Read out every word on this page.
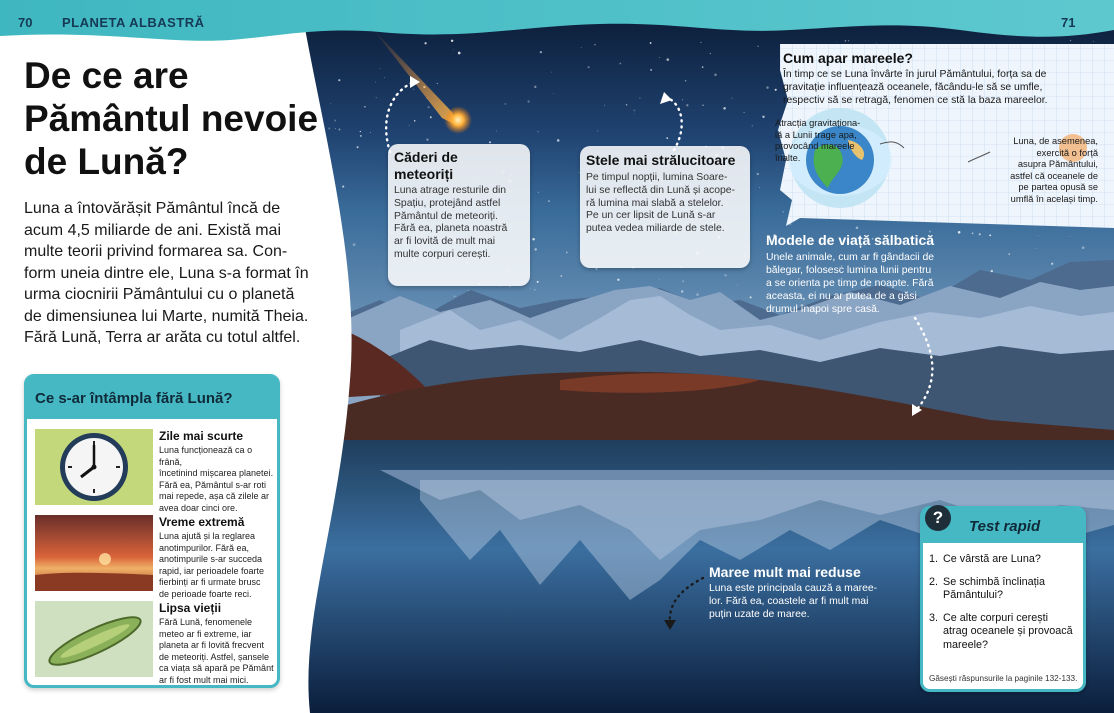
70 PLANETA ALBASTRĂ	71
De ce are
Pământul nevoie
de Lună?
Luna a întovărășit Pământul încă de
acum 4,5 miliarde de ani. Există mai
multe teorii privind formarea sa. Con-
form uneia dintre ele, Luna s-a format în
urma ciocnirii Pământului cu o planetă
de dimensiunea lui Marte, numită Theia.
Fără Lună, Terra ar arăta cu totul altfel.
Ce s-ar întâmpla fără Lună?
Zile mai scurte
Luna funcționează ca o frână,
încetinind mișcarea planetei.
Fără ea, Pământul s-ar roti
mai repede, așa că zilele ar
avea doar cinci ore.
Vreme extremă
Luna ajută și la reglarea
anotimpurilor. Fără ea,
anotimpurile s-ar succeda
rapid, iar perioadele foarte
fierbinți ar fi urmate brusc
de perioade foarte reci.
Lipsa vieții
Fără Lună, fenomenele
meteo ar fi extreme, iar
planeta ar fi lovită frecvent
de meteoriți. Astfel, șansele
ca viața să apară pe Pământ
ar fi fost mult mai mici.
Căderi de
meteoriți
Luna atrage resturile din
Spațiu, protejând astfel
Pământul de meteoriți.
Fără ea, planeta noastră
ar fi lovită de mult mai
multe corpuri cerești.
Stele mai strălucitoare
Pe timpul nopții, lumina Soare-
lui se reflectă din Lună și acope-
ră lumina mai slabă a stelelor.
Pe un cer lipsit de Lună s-ar
putea vedea miliarde de stele.
Cum apar mareele?
În timp ce se Luna învârte în jurul Pământului, forța sa de
gravitație influențează oceanele, făcându-le să se umfle,
respectiv să se retragă, fenomen ce stă la baza mareelor.
Atracția gravitaționa-
lă a Lunii trage apa,
provocând mareele
înalte.
Luna, de asemenea,
exercită o forță
asupra Pământului,
astfel că oceanele de
pe partea opusă se
umflă în același timp.
Modele de viață sălbatică
Unele animale, cum ar fi gândacii de
bălegar, folosesc lumina lunii pentru
a se orienta pe timp de noapte. Fără
aceasta, ei nu ar putea de a găsi
drumul înapoi spre casă.
Maree mult mai reduse
Luna este principala cauză a maree-
lor. Fără ea, coastele ar fi mult mai
puțin uzate de maree.
?	Test rapid
1. Ce vârstă are Luna?
2. Se schimbă înclinația
Pământului?
3. Ce alte corpuri cerești
atrag oceanele și provoacă
mareele?
Găsești răspunsurile la paginile 132-133.
